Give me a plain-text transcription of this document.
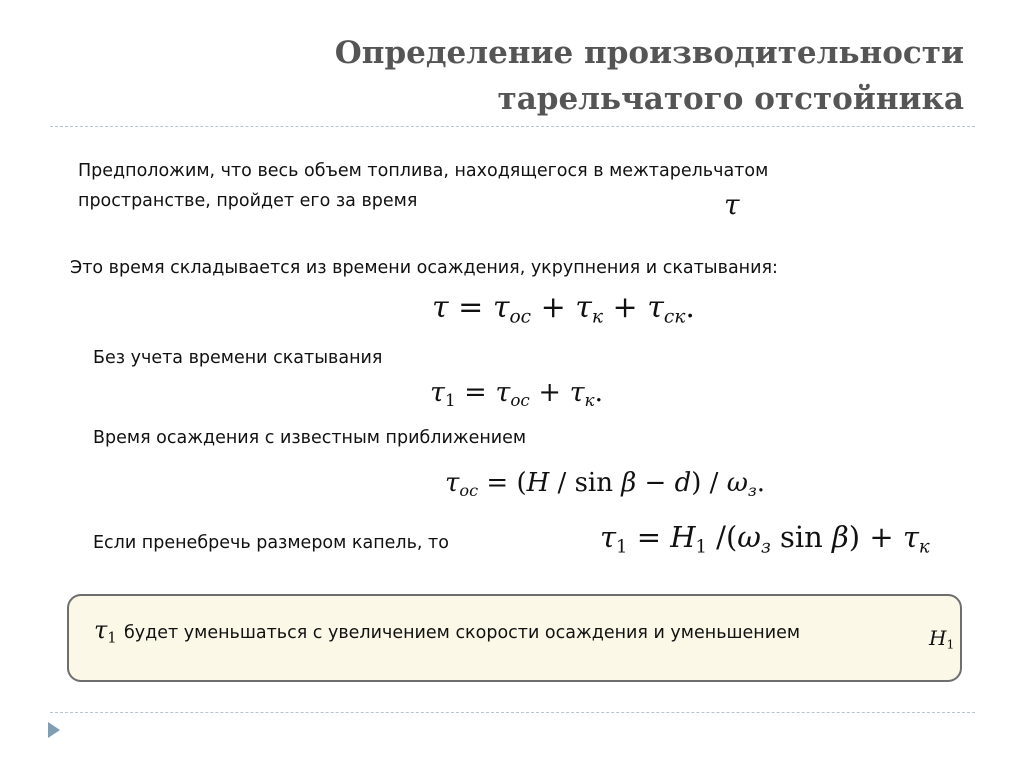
Определение производительности
тарельчатого отстойника
Предположим, что весь объем топлива, находящегося в межтарельчатом
пространстве, пройдет его за время	τ
Это время складывается из времени осаждения, укрупнения и скатывания:
$\tau = \tau_{ос} + \tau_к + \tau_{ск}$.
Без учета времени скатывания
$\tau_1 = \tau_{ос} + \tau_к$.
Время осаждения с известным приближением
$\tau_{ос} = (H / \sin \beta - d) / \omega_з$.
Если пренебречь размером капель, то	$\tau_1 = H_1$ $/(\omega_з$ $\sin \beta) + \tau_к$
$\tau_1$ будет уменьшаться с увеличением скорости осаждения и уменьшением	$H_1$
